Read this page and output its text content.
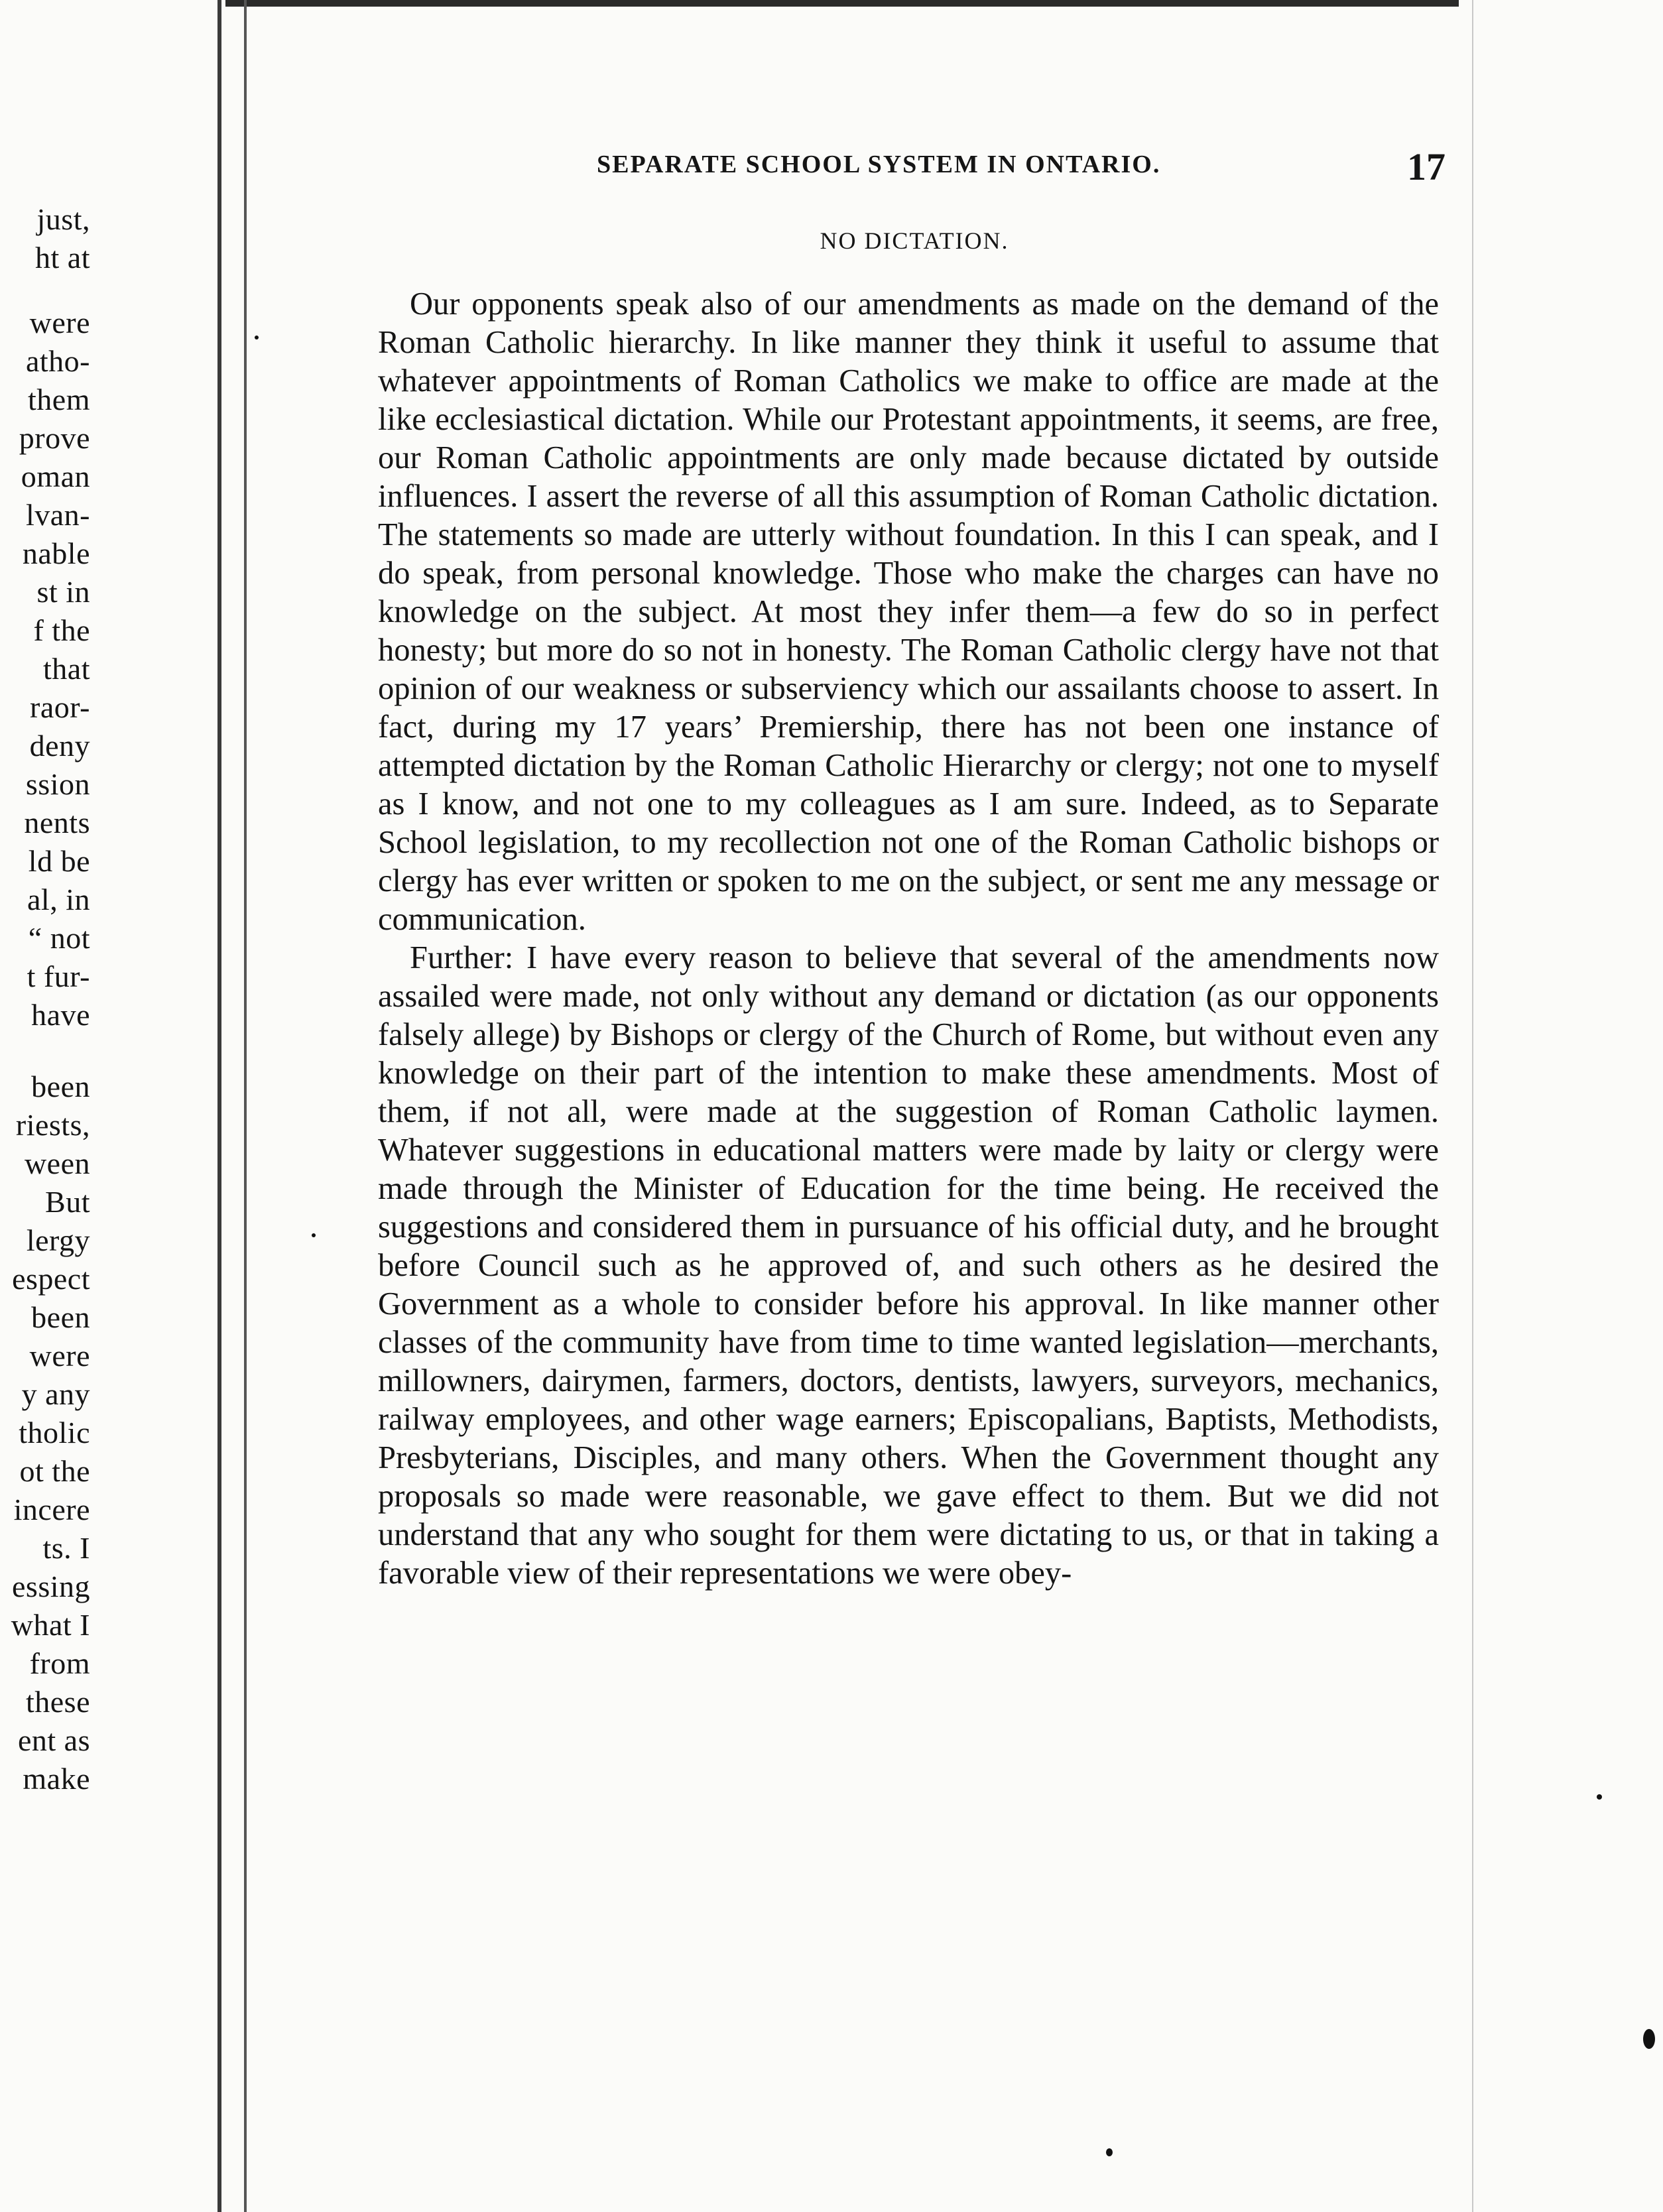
just,
ht at
were
atho-
them
prove
oman
lvan-
nable
st in
f the
that
raor-
deny
ssion
nents
ld be
al, in
“ not
t fur-
have
been
riests,
ween
But
lergy
espect
been
were
y any
tholic
ot the
incere
ts. I
essing
what I
from
these
ent as
make
SEPARATE SCHOOL SYSTEM IN ONTARIO.	17
NO DICTATION.

Our opponents speak also of our amendments as made on the demand of the Roman Catholic hierarchy. In like manner they think it useful to assume that whatever appointments of Roman Catholics we make to office are made at the like ecclesiastical dictation. While our Protestant appointments, it seems, are free, our Roman Catholic appointments are only made because dictated by outside influences. I assert the reverse of all this assumption of Roman Catholic dictation. The statements so made are utterly without foundation. In this I can speak, and I do speak, from personal knowledge. Those who make the charges can have no knowledge on the subject. At most they infer them—a few do so in perfect honesty; but more do so not in honesty. The Roman Catholic clergy have not that opinion of our weakness or subserviency which our assailants choose to assert. In fact, during my 17 years’ Premiership, there has not been one instance of attempted dictation by the Roman Catholic Hierarchy or clergy; not one to myself as I know, and not one to my colleagues as I am sure. Indeed, as to Separate School legislation, to my recollection not one of the Roman Catholic bishops or clergy has ever written or spoken to me on the subject, or sent me any message or communication.

Further: I have every reason to believe that several of the amendments now assailed were made, not only without any demand or dictation (as our opponents falsely allege) by Bishops or clergy of the Church of Rome, but without even any knowledge on their part of the intention to make these amendments. Most of them, if not all, were made at the suggestion of Roman Catholic laymen. Whatever suggestions in educational matters were made by laity or clergy were made through the Minister of Education for the time being. He received the suggestions and considered them in pursuance of his official duty, and he brought before Council such as he approved of, and such others as he desired the Government as a whole to consider before his approval. In like manner other classes of the community have from time to time wanted legislation—merchants, millowners, dairymen, farmers, doctors, dentists, lawyers, surveyors, mechanics, railway employees, and other wage earners; Episcopalians, Baptists, Methodists, Presbyterians, Disciples, and many others. When the Government thought any proposals so made were reasonable, we gave effect to them. But we did not understand that any who sought for them were dictating to us, or that in taking a favorable view of their representations we were obey-
